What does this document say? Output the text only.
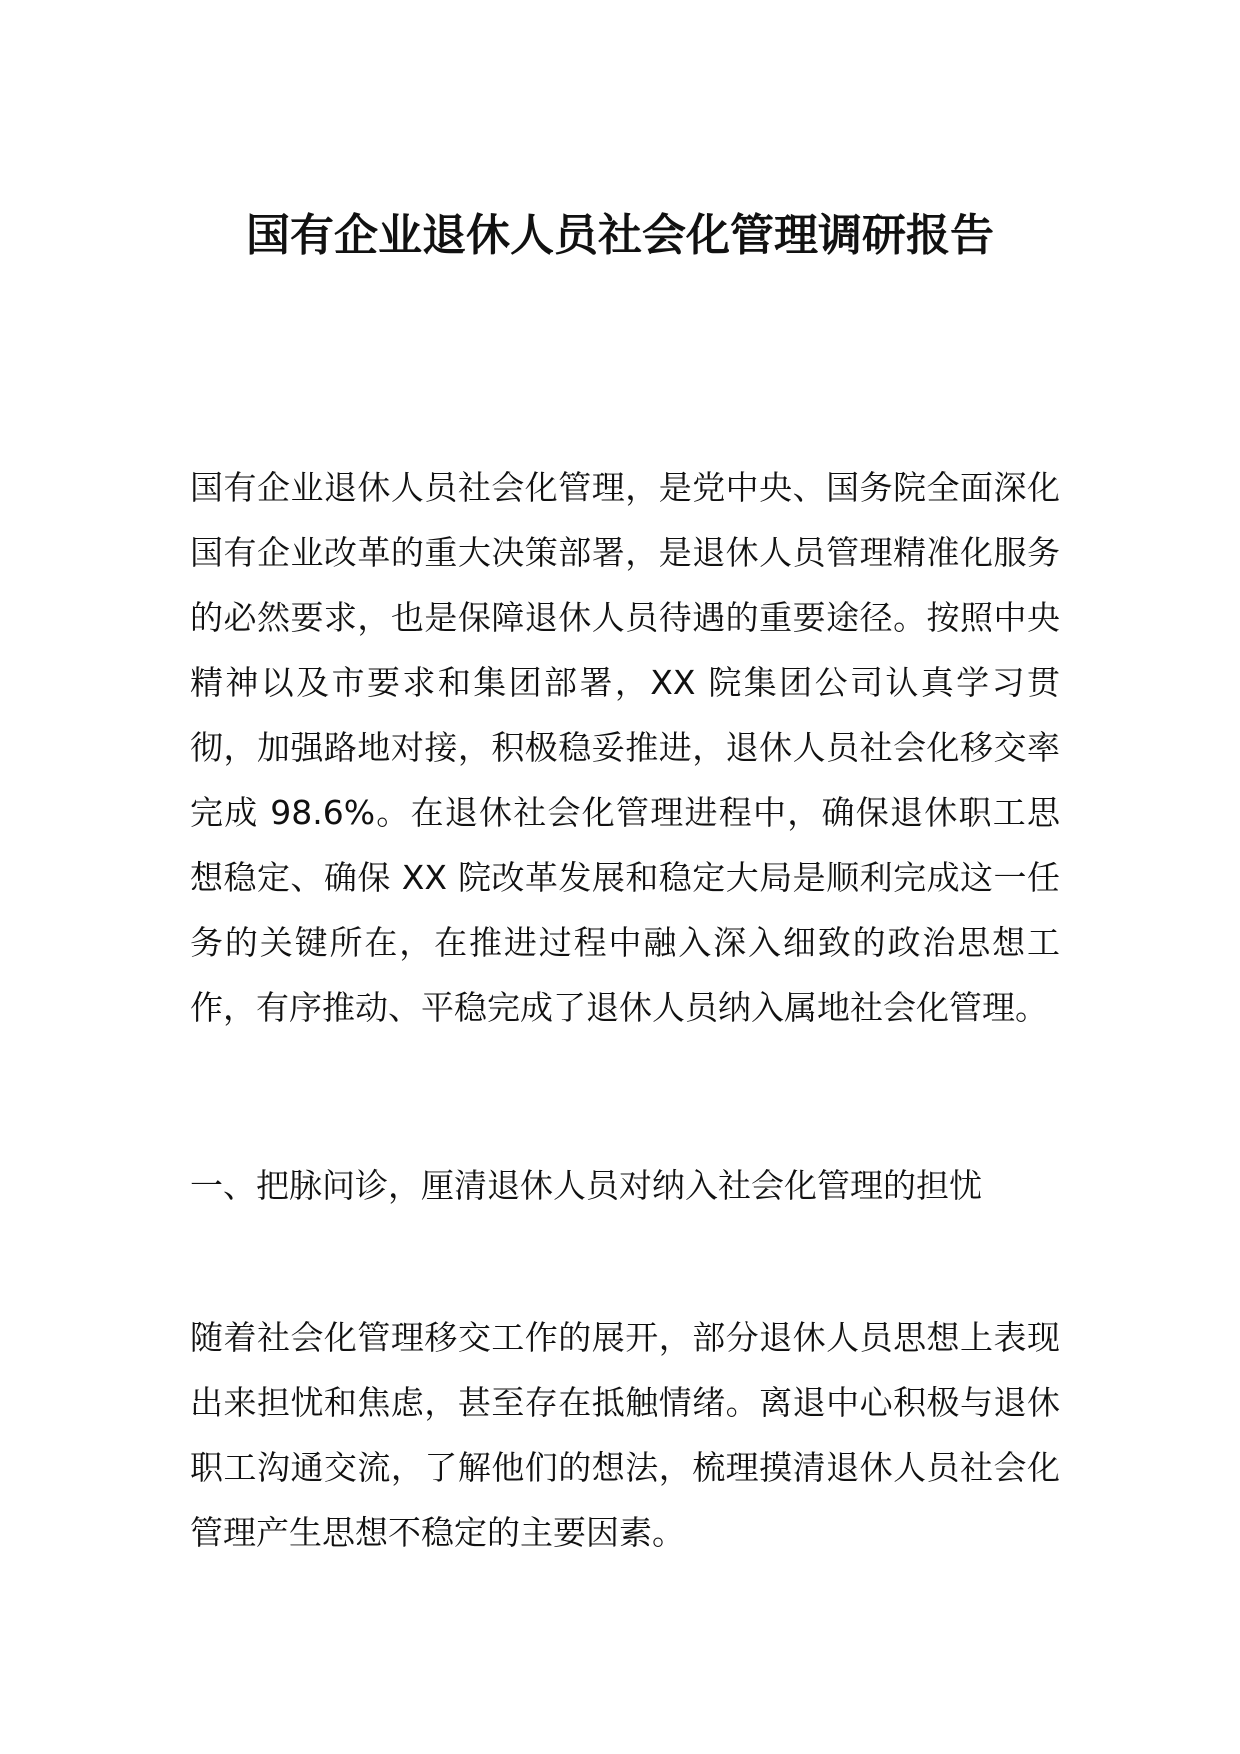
国有企业退休人员社会化管理调研报告

国有企业退休人员社会化管理，是党中央、国务院全面深化国有企业改革的重大决策部署，是退休人员管理精准化服务的必然要求，也是保障退休人员待遇的重要途径。按照中央精神以及市要求和集团部署，XX 院集团公司认真学习贯彻，加强路地对接，积极稳妥推进，退休人员社会化移交率完成 98.6%。在退休社会化管理进程中，确保退休职工思想稳定、确保 XX 院改革发展和稳定大局是顺利完成这一任务的关键所在，在推进过程中融入深入细致的政治思想工作，有序推动、平稳完成了退休人员纳入属地社会化管理。

一、把脉问诊，厘清退休人员对纳入社会化管理的担忧

随着社会化管理移交工作的展开，部分退休人员思想上表现出来担忧和焦虑，甚至存在抵触情绪。离退中心积极与退休职工沟通交流，了解他们的想法，梳理摸清退休人员社会化管理产生思想不稳定的主要因素。
